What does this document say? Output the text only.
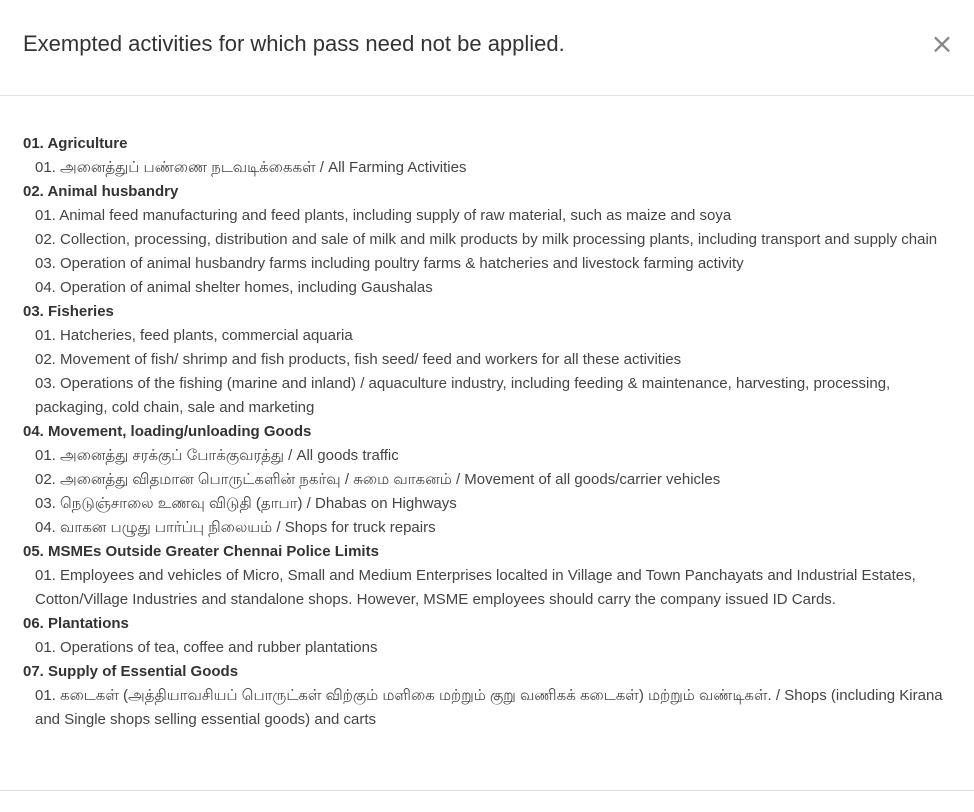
Exempted activities for which pass need not be applied.	×
01. Agriculture
01. அனைத்துப் பண்ணை நடவடிக்கைகள் / All Farming Activities
02. Animal husbandry
01. Animal feed manufacturing and feed plants, including supply of raw material, such as maize and soya
02. Collection, processing, distribution and sale of milk and milk products by milk processing plants, including transport and supply chain
03. Operation of animal husbandry farms including poultry farms & hatcheries and livestock farming activity
04. Operation of animal shelter homes, including Gaushalas
03. Fisheries
01. Hatcheries, feed plants, commercial aquaria
02. Movement of fish/ shrimp and fish products, fish seed/ feed and workers for all these activities
03. Operations of the fishing (marine and inland) / aquaculture industry, including feeding & maintenance, harvesting, processing, packaging, cold chain, sale and marketing
04. Movement, loading/unloading Goods
01. அனைத்து சரக்குப் போக்குவரத்து / All goods traffic
02. அனைத்து விதமான பொருட்களின் நகர்வு / சுமை வாகனம் / Movement of all goods/carrier vehicles
03. நெடுஞ்சாலை உணவு விடுதி (தாபா) / Dhabas on Highways
04. வாகன பழுது பார்ப்பு நிலையம் / Shops for truck repairs
05. MSMEs Outside Greater Chennai Police Limits
01. Employees and vehicles of Micro, Small and Medium Enterprises localted in Village and Town Panchayats and Industrial Estates, Cotton/Village Industries and standalone shops. However, MSME employees should carry the company issued ID Cards.
06. Plantations
01. Operations of tea, coffee and rubber plantations
07. Supply of Essential Goods
01. கடைகள் (அத்தியாவசியப் பொருட்கள் விற்கும் மளிகை மற்றும் குறு வணிகக் கடைகள்) மற்றும் வண்டிகள். / Shops (including Kirana and Single shops selling essential goods) and carts
